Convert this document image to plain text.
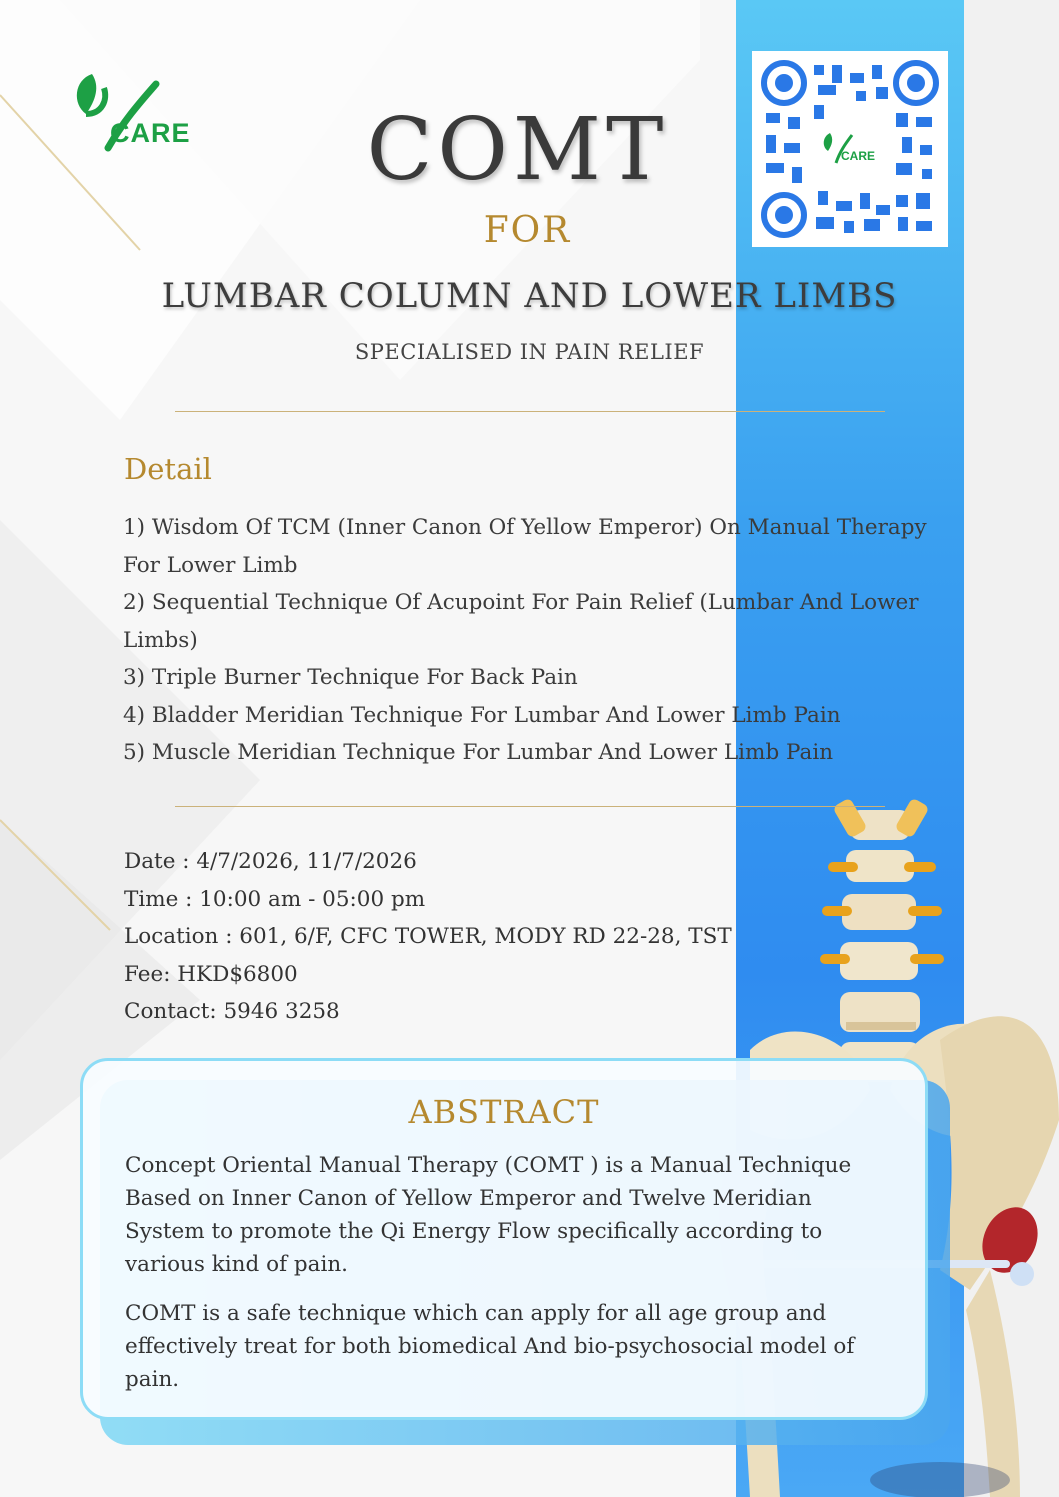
CARE
CARE
COMT
FOR
LUMBAR COLUMN AND LOWER LIMBS
SPECIALISED IN PAIN RELIEF
Detail
1) Wisdom Of TCM (Inner Canon Of Yellow Emperor) On Manual Therapy For Lower Limb
2) Sequential Technique Of Acupoint For Pain Relief (Lumbar And Lower Limbs)
3) Triple Burner Technique For Back Pain
4) Bladder Meridian Technique For Lumbar And Lower Limb Pain
5) Muscle Meridian Technique For Lumbar And Lower Limb Pain
Date : 4/7/2026, 11/7/2026
Time : 10:00 am - 05:00 pm
Location : 601, 6/F, CFC TOWER, MODY RD 22-28, TST
Fee: HKD$6800
Contact: 5946 3258
ABSTRACT

Concept Oriental Manual Therapy (COMT ) is a Manual Technique Based on Inner Canon of Yellow Emperor and Twelve Meridian System to promote the Qi Energy Flow specifically according to various kind of pain.

COMT is a safe technique which can apply for all age group and effectively treat for both biomedical And bio-psychosocial model of pain.
